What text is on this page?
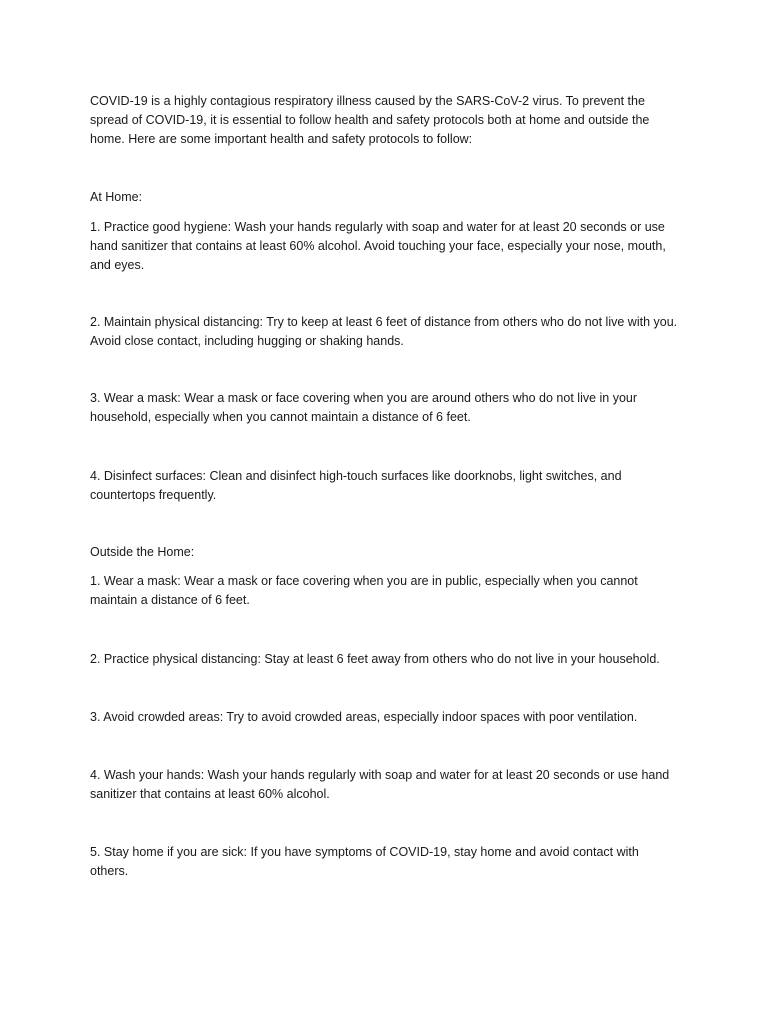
COVID-19 is a highly contagious respiratory illness caused by the SARS-CoV-2 virus. To prevent the spread of COVID-19, it is essential to follow health and safety protocols both at home and outside the home. Here are some important health and safety protocols to follow:

At Home:

1. Practice good hygiene: Wash your hands regularly with soap and water for at least 20 seconds or use hand sanitizer that contains at least 60% alcohol. Avoid touching your face, especially your nose, mouth, and eyes.

2. Maintain physical distancing: Try to keep at least 6 feet of distance from others who do not live with you. Avoid close contact, including hugging or shaking hands.

3. Wear a mask: Wear a mask or face covering when you are around others who do not live in your household, especially when you cannot maintain a distance of 6 feet.

4. Disinfect surfaces: Clean and disinfect high-touch surfaces like doorknobs, light switches, and countertops frequently.

Outside the Home:

1. Wear a mask: Wear a mask or face covering when you are in public, especially when you cannot maintain a distance of 6 feet.

2. Practice physical distancing: Stay at least 6 feet away from others who do not live in your household.

3. Avoid crowded areas: Try to avoid crowded areas, especially indoor spaces with poor ventilation.

4. Wash your hands: Wash your hands regularly with soap and water for at least 20 seconds or use hand sanitizer that contains at least 60% alcohol.

5. Stay home if you are sick: If you have symptoms of COVID-19, stay home and avoid contact with others.
